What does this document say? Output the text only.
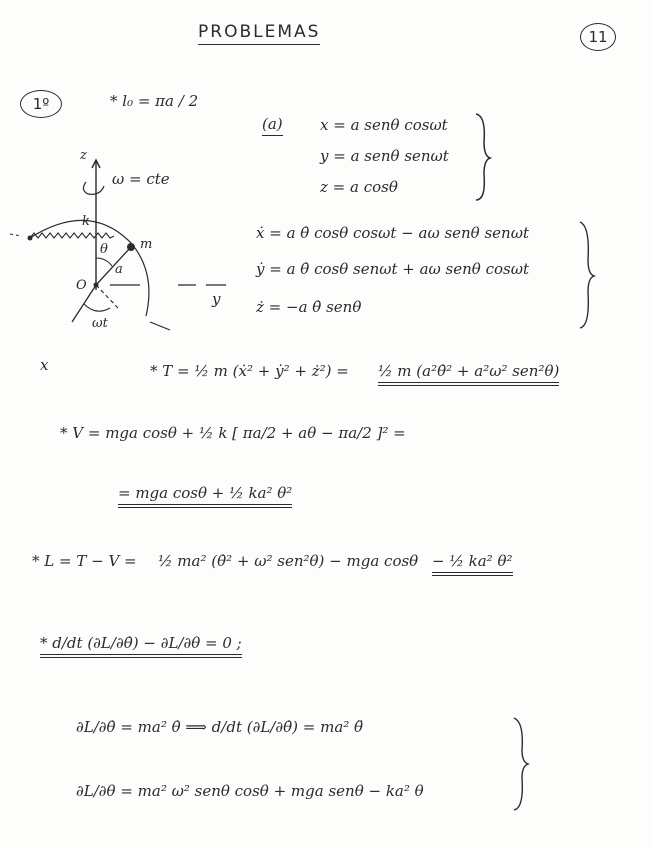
PROBLEMAS	11
1º	* l₀ = πa / 2
(a) x = a senθ cosωt
y = a senθ senωt
z = a cosθ
z
ω = cte
k
θ m
a
O
y
ωt
x
ẋ = a θ̇ cosθ cosωt − aω senθ senωt
ẏ = a θ̇ cosθ senωt + aω senθ cosωt
ż = −a θ̇ senθ
* T = ½ m (ẋ² + ẏ² + ż²) = ½ m (a²θ̇² + a²ω² sen²θ)
* V = mga cosθ + ½ k [ πa/2 + aθ − πa/2 ]² =
= mga cosθ + ½ ka² θ²
* L = T − V = ½ ma² (θ̇² + ω² sen²θ) − mga cosθ − ½ ka² θ²
* d/dt (∂L/∂θ̇) − ∂L/∂θ = 0 ;
∂L/∂θ̇ = ma² θ̇ ⟹ d/dt (∂L/∂θ̇) = ma² θ̈
∂L/∂θ = ma² ω² senθ cosθ + mga senθ − ka² θ
